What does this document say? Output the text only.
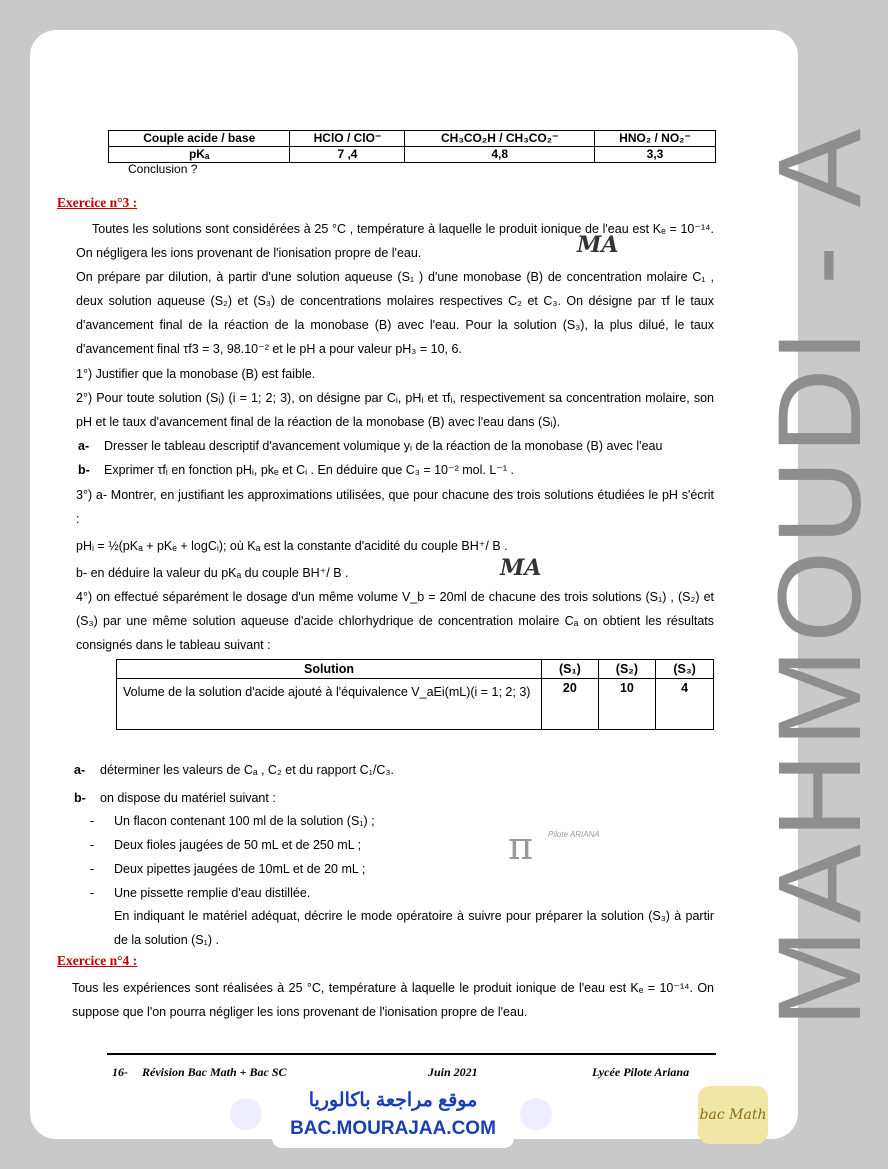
Couple acide / base	HClO / ClO⁻	CH₃CO₂H / CH₃CO₂⁻	HNO₂ / NO₂⁻
pKₐ	7 ,4	4,8	3,3
Conclusion ?
Exercice n°3 :
Toutes les solutions sont considérées à 25 °C , température à laquelle le produit ionique de l'eau est Kₑ = 10⁻¹⁴. On négligera les ions provenant de l'ionisation propre de l'eau.
On prépare par dilution, à partir d'une solution aqueuse (S₁ ) d'une monobase (B) de concentration molaire C₁ , deux solution aqueuse (S₂) et (S₃) de concentrations molaires respectives C₂ et C₃. On désigne par τf le taux d'avancement final de la réaction de la monobase (B) avec l'eau. Pour la solution (S₃), la plus dilué, le taux d'avancement final τf3 = 3, 98.10⁻² et le pH a pour valeur pH₃ = 10, 6.
1°) Justifier que la monobase (B) est faible.
2°) Pour toute solution (Sᵢ) (i = 1; 2; 3), on désigne par Cᵢ, pHᵢ et τfᵢ, respectivement sa concentration molaire, son pH et le taux d'avancement final de la réaction de la monobase (B) avec l'eau dans (Sᵢ).
a-	Dresser le tableau descriptif d'avancement volumique yᵢ de la réaction de la monobase (B) avec l'eau
b-	Exprimer τfᵢ en fonction pHᵢ, pkₑ et Cᵢ . En déduire que C₃ = 10⁻² mol. L⁻¹ .
3°) a- Montrer, en justifiant les approximations utilisées, que pour chacune des trois solutions étudiées le pH s'écrit :
pHᵢ = ½(pKₐ + pKₑ + logCᵢ); où Kₐ est la constante d'acidité du couple BH⁺/ B .
b- en déduire la valeur du pKₐ du couple BH⁺/ B .
4°) on effectué séparément le dosage d'un même volume V_b = 20ml de chacune des trois solutions (S₁) , (S₂) et (S₃) par une même solution aqueuse d'acide chlorhydrique de concentration molaire Cₐ on obtient les résultats consignés dans le tableau suivant :
Solution	(S₁)	(S₂)	(S₃)
Volume de la solution d'acide ajouté à l'équivalence V_aEi(mL)(i = 1; 2; 3)	20	10	4
a-	déterminer les valeurs de Cₐ , C₂ et du rapport C₁/C₃.
b-	on dispose du matériel suivant :
-	Un flacon contenant 100 ml de la solution (S₁) ;
-	Deux fioles jaugées de 50 mL et de 250 mL ;
-	Deux pipettes jaugées de 10mL et de 20 mL ;
-	Une pissette remplie d'eau distillée.
En indiquant le matériel adéquat, décrire le mode opératoire à suivre pour préparer la solution (S₃) à partir de la solution (S₁) .
Exercice n°4 :
Tous les expériences sont réalisées à 25 °C, température à laquelle le produit ionique de l'eau est Kₑ = 10⁻¹⁴. On suppose que l'on pourra négliger les ions provenant de l'ionisation propre de l'eau.
MA
MA
π Pilote ARIANA MAHMOUDI - A
16- Révision Bac Math + Bac SC	Juin 2021	Lycée Pilote Ariana
موقع مراجعة باكالوريا
BAC.MOURAJAA.COM
bac Math
